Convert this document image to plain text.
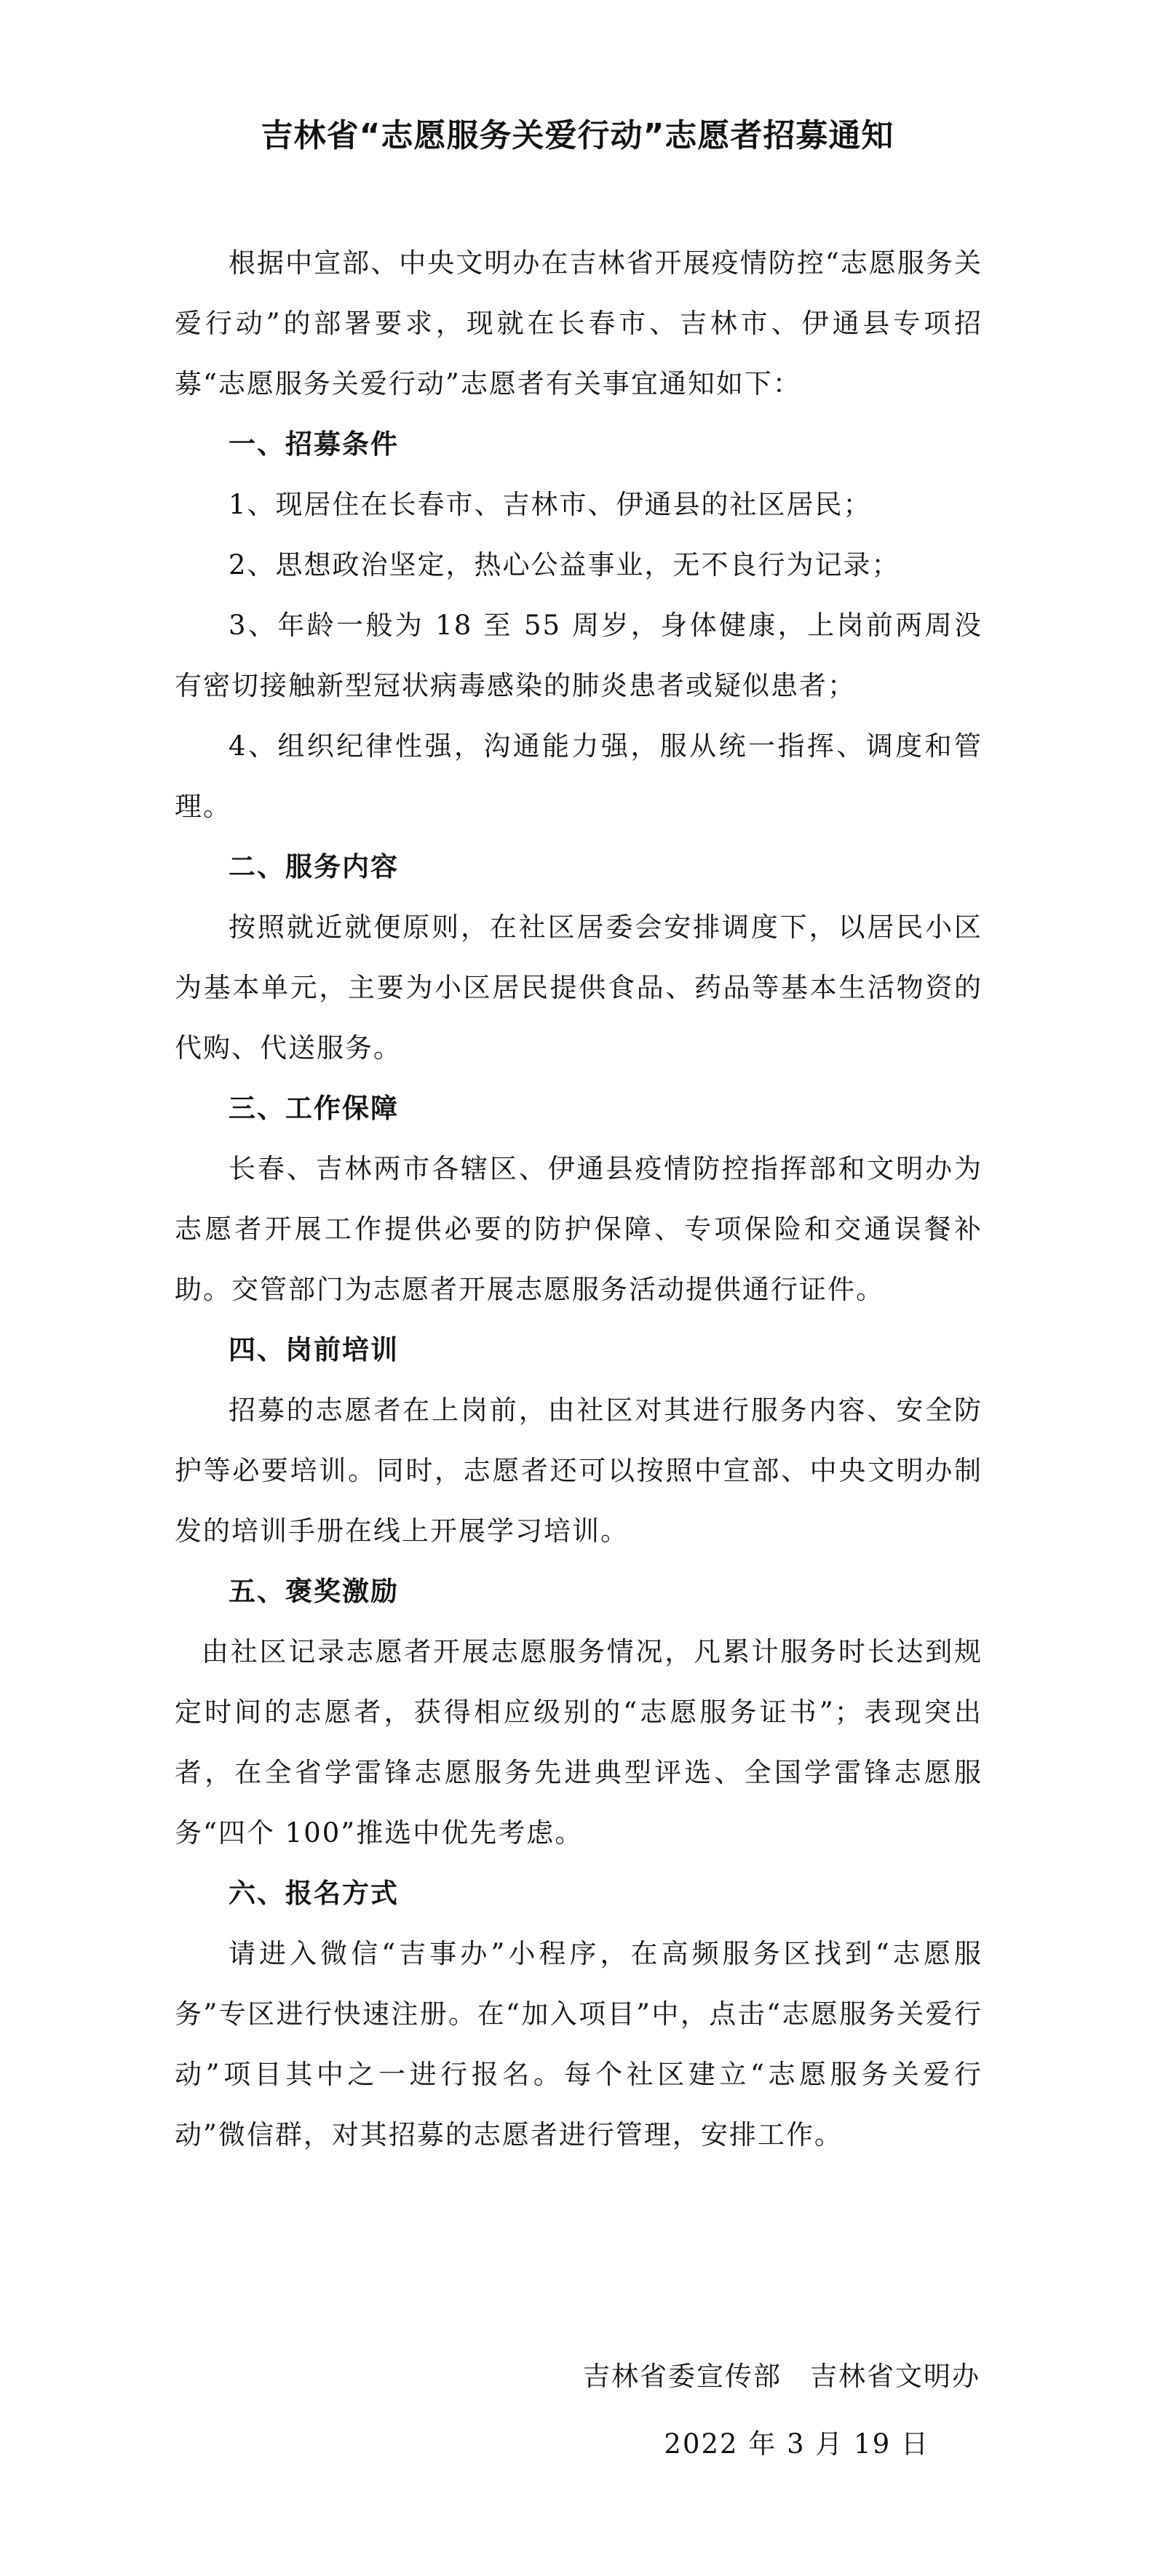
吉林省“志愿服务关爱行动”志愿者招募通知

根据中宣部、中央文明办在吉林省开展疫情防控“志愿服务关爱行动”的部署要求，现就在长春市、吉林市、伊通县专项招募“志愿服务关爱行动”志愿者有关事宜通知如下：

一、招募条件

1、现居住在长春市、吉林市、伊通县的社区居民；

2、思想政治坚定，热心公益事业，无不良行为记录；

3、年龄一般为 18 至 55 周岁，身体健康，上岗前两周没有密切接触新型冠状病毒感染的肺炎患者或疑似患者；

4、组织纪律性强，沟通能力强，服从统一指挥、调度和管理。

二、服务内容

按照就近就便原则，在社区居委会安排调度下，以居民小区为基本单元，主要为小区居民提供食品、药品等基本生活物资的代购、代送服务。

三、工作保障

长春、吉林两市各辖区、伊通县疫情防控指挥部和文明办为志愿者开展工作提供必要的防护保障、专项保险和交通误餐补助。交管部门为志愿者开展志愿服务活动提供通行证件。

四、岗前培训

招募的志愿者在上岗前，由社区对其进行服务内容、安全防护等必要培训。同时，志愿者还可以按照中宣部、中央文明办制发的培训手册在线上开展学习培训。

五、褒奖激励

由社区记录志愿者开展志愿服务情况，凡累计服务时长达到规定时间的志愿者，获得相应级别的“志愿服务证书”；表现突出者，在全省学雷锋志愿服务先进典型评选、全国学雷锋志愿服务“四个 100”推选中优先考虑。

六、报名方式

请进入微信“吉事办”小程序，在高频服务区找到“志愿服务”专区进行快速注册。在“加入项目”中，点击“志愿服务关爱行动”项目其中之一进行报名。每个社区建立“志愿服务关爱行动”微信群，对其招募的志愿者进行管理，安排工作。

吉林省委宣传部　吉林省文明办
2022 年 3 月 19 日
